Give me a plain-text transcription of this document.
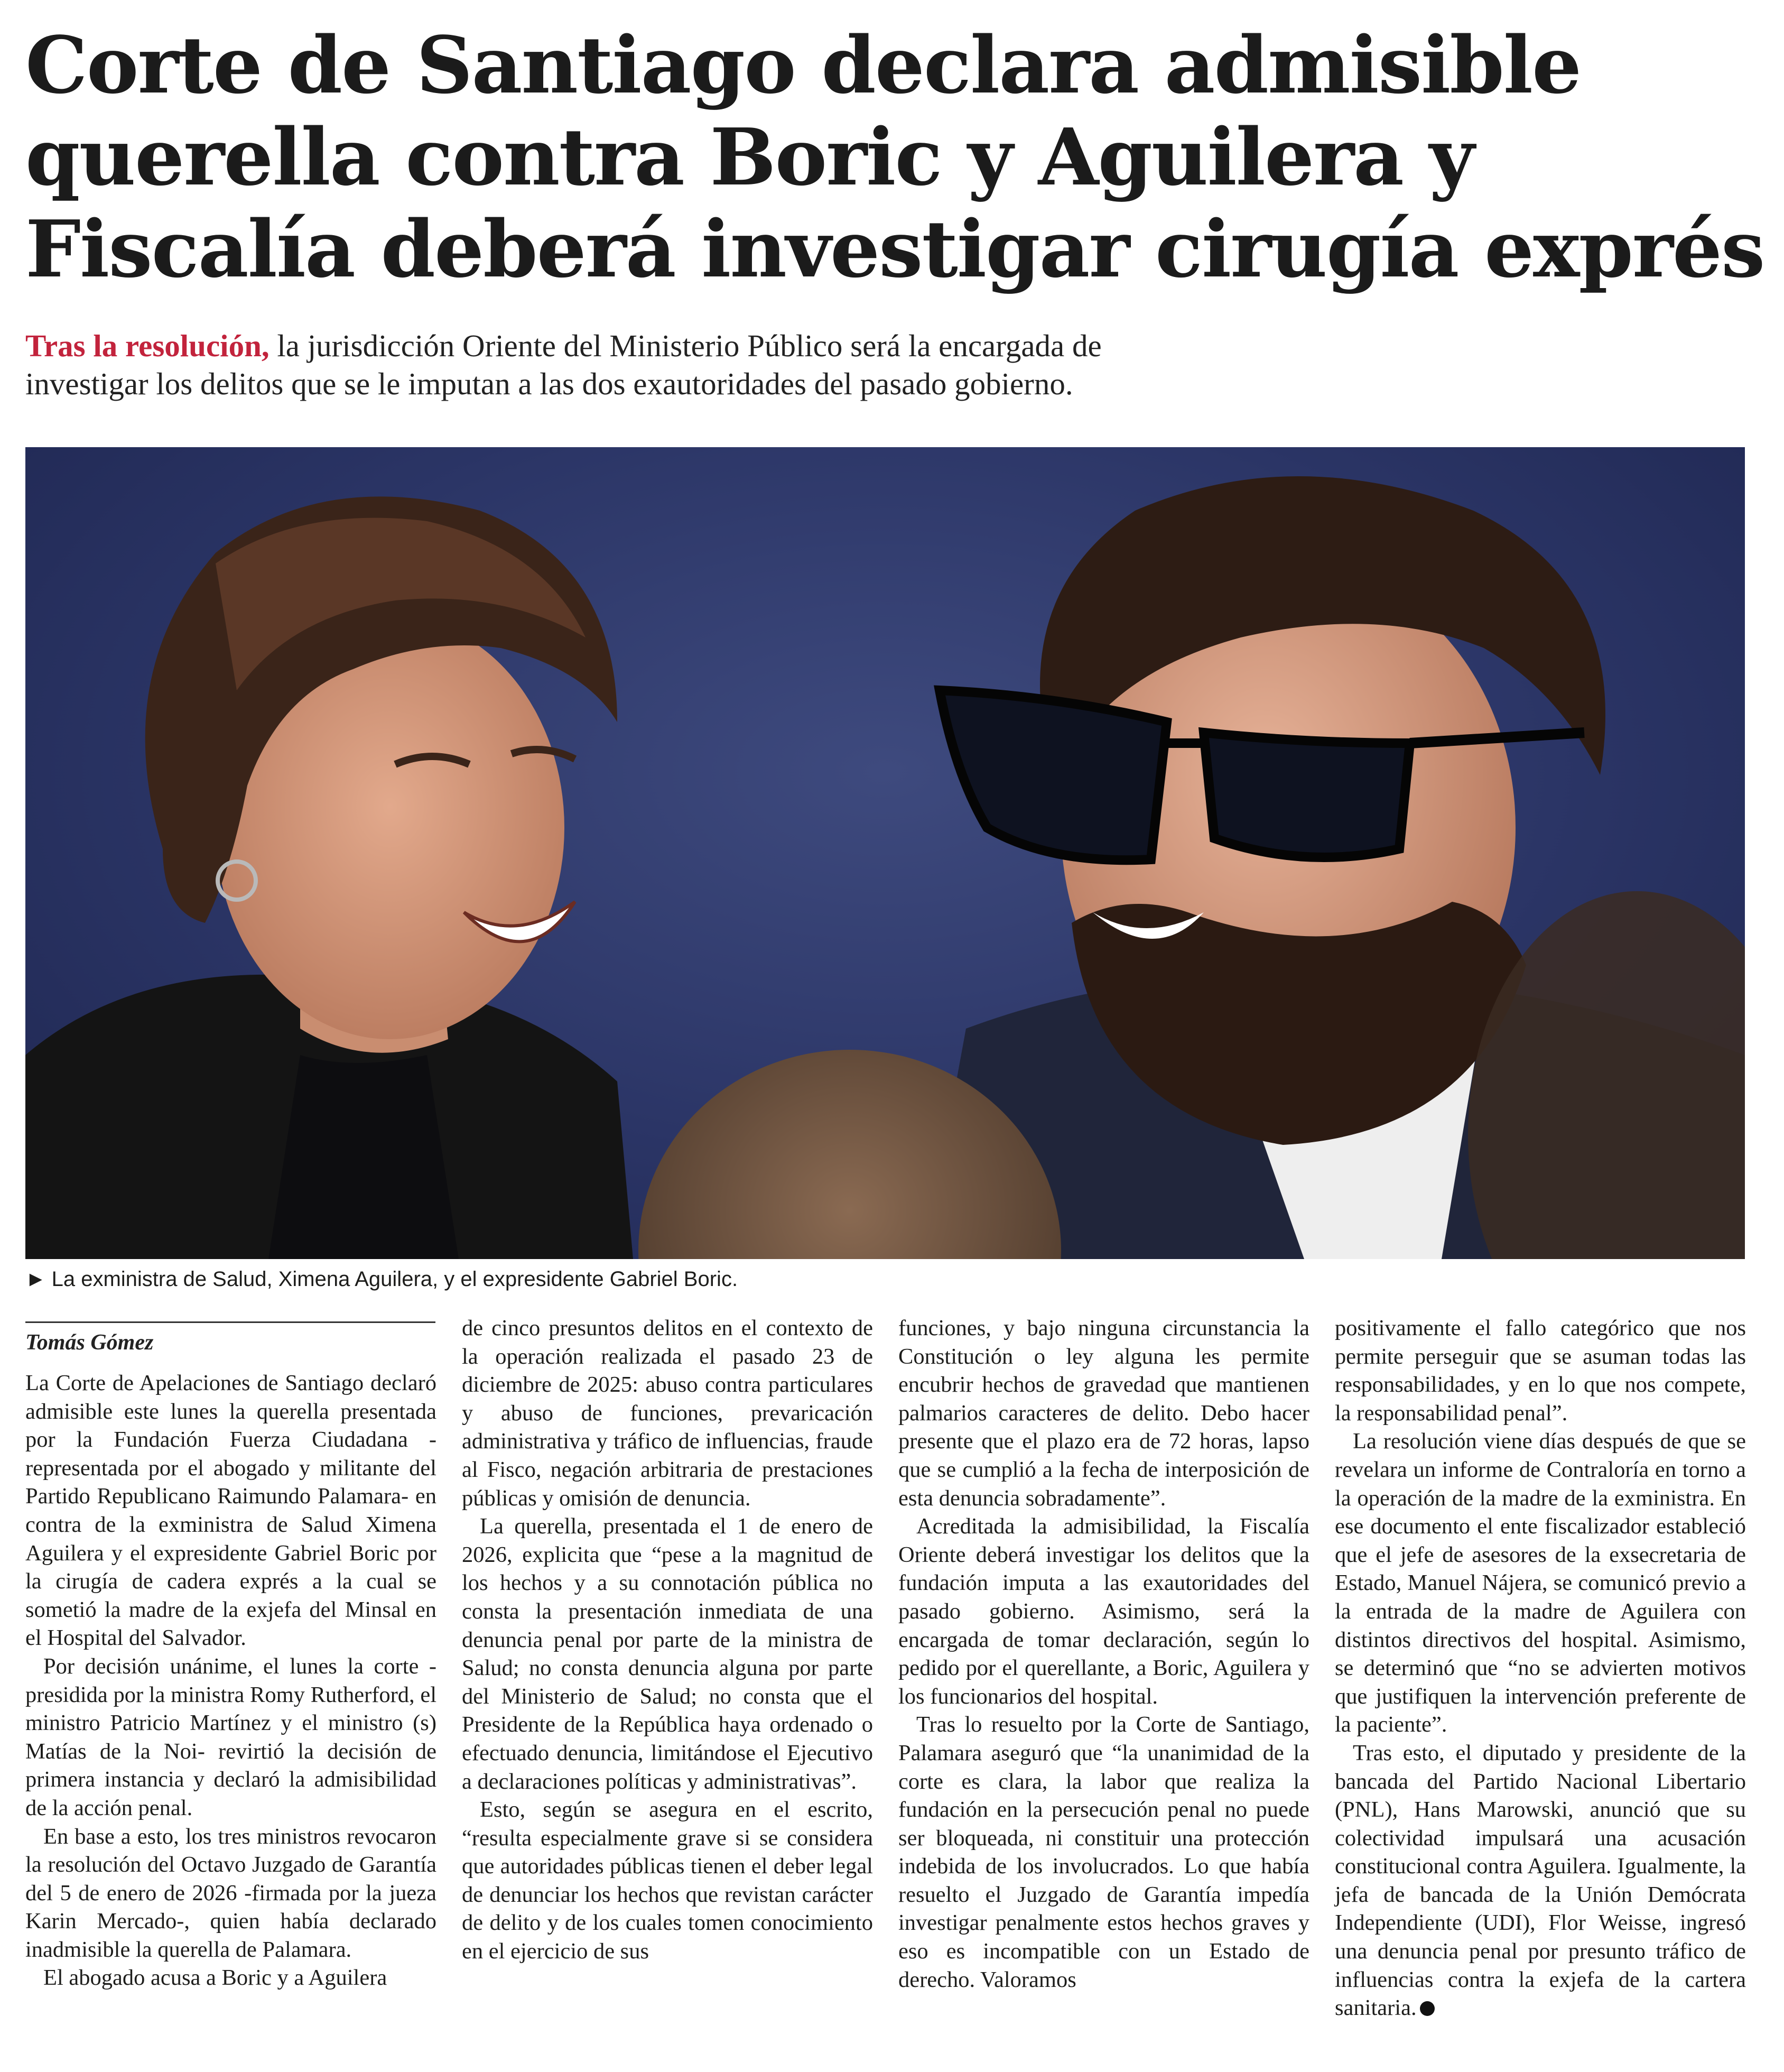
Corte de Santiago declara admisible
querella contra Boric y Aguilera y
Fiscalía deberá investigar cirugía exprés

Tras la resolución, la jurisdicción Oriente del Ministerio Público será la encargada de
investigar los delitos que se le imputan a las dos exautoridades del pasado gobierno.

► La exministra de Salud, Ximena Aguilera, y el expresidente Gabriel Boric.
Tomás Gómez

La Corte de Apelaciones de Santiago declaró admisible este lunes la querella presentada por la Fundación Fuerza Ciudadana -representada por el abogado y militante del Partido Republicano Raimundo Palamara- en contra de la exministra de Salud Ximena Aguilera y el expresidente Gabriel Boric por la cirugía de cadera exprés a la cual se sometió la madre de la exjefa del Minsal en el Hospital del Salvador.

Por decisión unánime, el lunes la corte -presidida por la ministra Romy Rutherford, el ministro Patricio Martínez y el ministro (s) Matías de la Noi- revirtió la decisión de primera instancia y declaró la admisibilidad de la acción penal.

En base a esto, los tres ministros revocaron la resolución del Octavo Juzgado de Garantía del 5 de enero de 2026 -firmada por la jueza Karin Mercado-, quien había declarado inadmisible la querella de Palamara.

El abogado acusa a Boric y a Aguilera

de cinco presuntos delitos en el contexto de la operación realizada el pasado 23 de diciembre de 2025: abuso contra particulares y abuso de funciones, prevaricación administrativa y tráfico de influencias, fraude al Fisco, negación arbitraria de prestaciones públicas y omisión de denuncia.

La querella, presentada el 1 de enero de 2026, explicita que “pese a la magnitud de los hechos y a su connotación pública no consta la presentación inmediata de una denuncia penal por parte de la ministra de Salud; no consta denuncia alguna por parte del Ministerio de Salud; no consta que el Presidente de la República haya ordenado o efectuado denuncia, limitándose el Ejecutivo a declaraciones políticas y administrativas”.

Esto, según se asegura en el escrito, “resulta especialmente grave si se considera que autoridades públicas tienen el deber legal de denunciar los hechos que revistan carácter de delito y de los cuales tomen conocimiento en el ejercicio de sus

funciones, y bajo ninguna circunstancia la Constitución o ley alguna les permite encubrir hechos de gravedad que mantienen palmarios caracteres de delito. Debo hacer presente que el plazo era de 72 horas, lapso que se cumplió a la fecha de interposición de esta denuncia sobradamente”.

Acreditada la admisibilidad, la Fiscalía Oriente deberá investigar los delitos que la fundación imputa a las exautoridades del pasado gobierno. Asimismo, será la encargada de tomar declaración, según lo pedido por el querellante, a Boric, Aguilera y los funcionarios del hospital.

Tras lo resuelto por la Corte de Santiago, Palamara aseguró que “la unanimidad de la corte es clara, la labor que realiza la fundación en la persecución penal no puede ser bloqueada, ni constituir una protección indebida de los involucrados. Lo que había resuelto el Juzgado de Garantía impedía investigar penalmente estos hechos graves y eso es incompatible con un Estado de derecho. Valoramos

positivamente el fallo categórico que nos permite perseguir que se asuman todas las responsabilidades, y en lo que nos compete, la responsabilidad penal”.

La resolución viene días después de que se revelara un informe de Contraloría en torno a la operación de la madre de la exministra. En ese documento el ente fiscalizador estableció que el jefe de asesores de la exsecretaria de Estado, Manuel Nájera, se comunicó previo a la entrada de la madre de Aguilera con distintos directivos del hospital. Asimismo, se determinó que “no se advierten motivos que justifiquen la intervención preferente de la paciente”.

Tras esto, el diputado y presidente de la bancada del Partido Nacional Libertario (PNL), Hans Marowski, anunció que su colectividad impulsará una acusación constitucional contra Aguilera. Igualmente, la jefa de bancada de la Unión Demócrata Independiente (UDI), Flor Weisse, ingresó una denuncia penal por presunto tráfico de influencias contra la exjefa de la cartera sanitaria.
